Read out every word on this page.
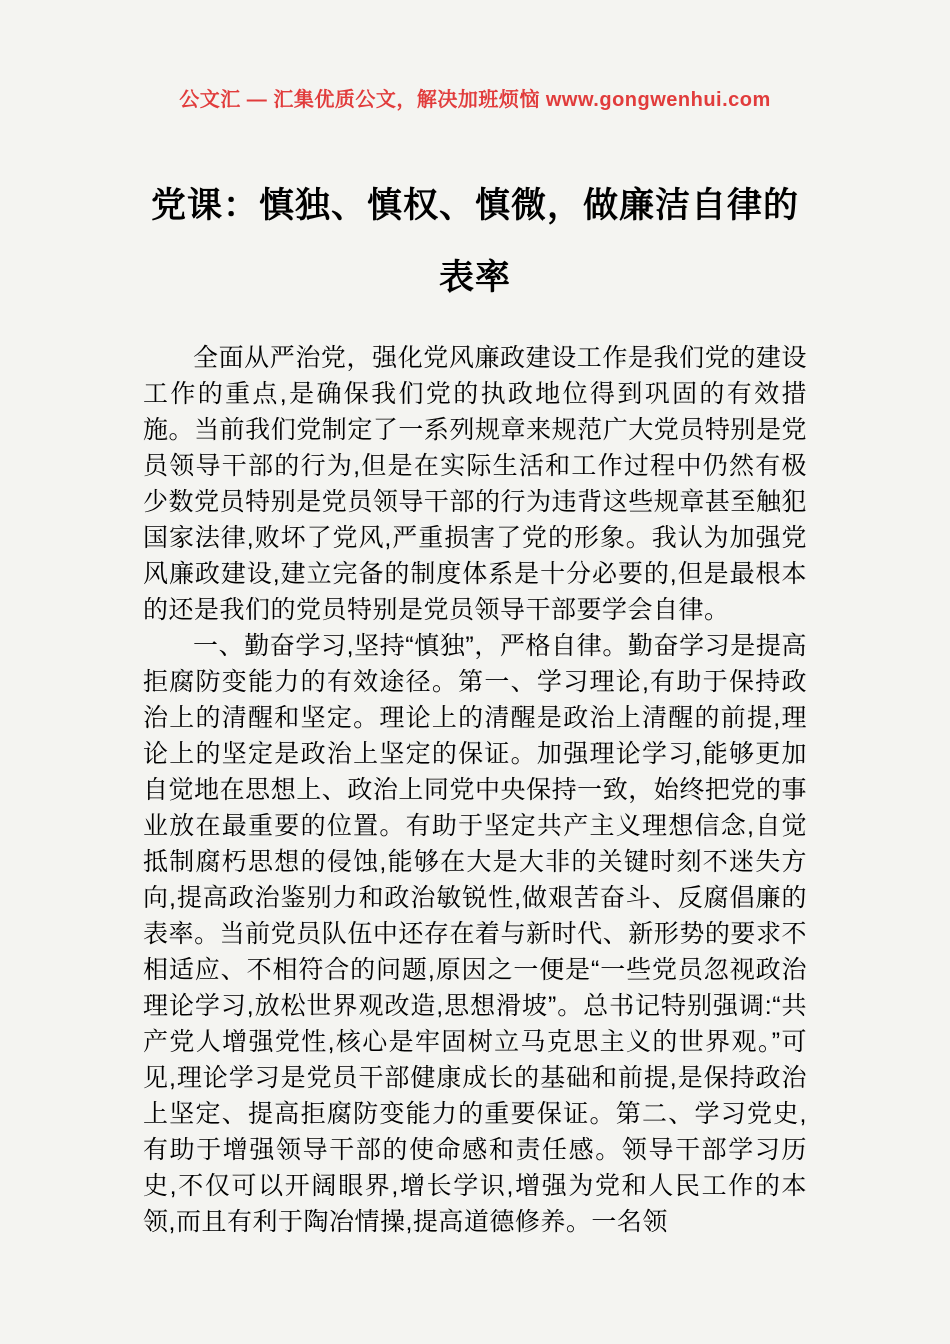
公文汇 — 汇集优质公文，解决加班烦恼 www.gongwenhui.com
党课：慎独、慎权、慎微，做廉洁自律的表率

全面从严治党，强化党风廉政建设工作是我们党的建设工作的重点,是确保我们党的执政地位得到巩固的有效措施。当前我们党制定了一系列规章来规范广大党员特别是党员领导干部的行为,但是在实际生活和工作过程中仍然有极少数党员特别是党员领导干部的行为违背这些规章甚至触犯国家法律,败坏了党风,严重损害了党的形象。我认为加强党风廉政建设,建立完备的制度体系是十分必要的,但是最根本的还是我们的党员特别是党员领导干部要学会自律。

一、勤奋学习,坚持“慎独”，严格自律。勤奋学习是提高拒腐防变能力的有效途径。第一、学习理论,有助于保持政治上的清醒和坚定。理论上的清醒是政治上清醒的前提,理论上的坚定是政治上坚定的保证。加强理论学习,能够更加自觉地在思想上、政治上同党中央保持一致，始终把党的事业放在最重要的位置。有助于坚定共产主义理想信念,自觉抵制腐朽思想的侵蚀,能够在大是大非的关键时刻不迷失方向,提高政治鉴别力和政治敏锐性,做艰苦奋斗、反腐倡廉的表率。当前党员队伍中还存在着与新时代、新形势的要求不相适应、不相符合的问题,原因之一便是“一些党员忽视政治理论学习,放松世界观改造,思想滑坡”。总书记特别强调:“共产党人增强党性,核心是牢固树立马克思主义的世界观。”可见,理论学习是党员干部健康成长的基础和前提,是保持政治上坚定、提高拒腐防变能力的重要保证。第二、学习党史,有助于增强领导干部的使命感和责任感。领导干部学习历史,不仅可以开阔眼界,增长学识,增强为党和人民工作的本领,而且有利于陶冶情操,提高道德修养。一名领
